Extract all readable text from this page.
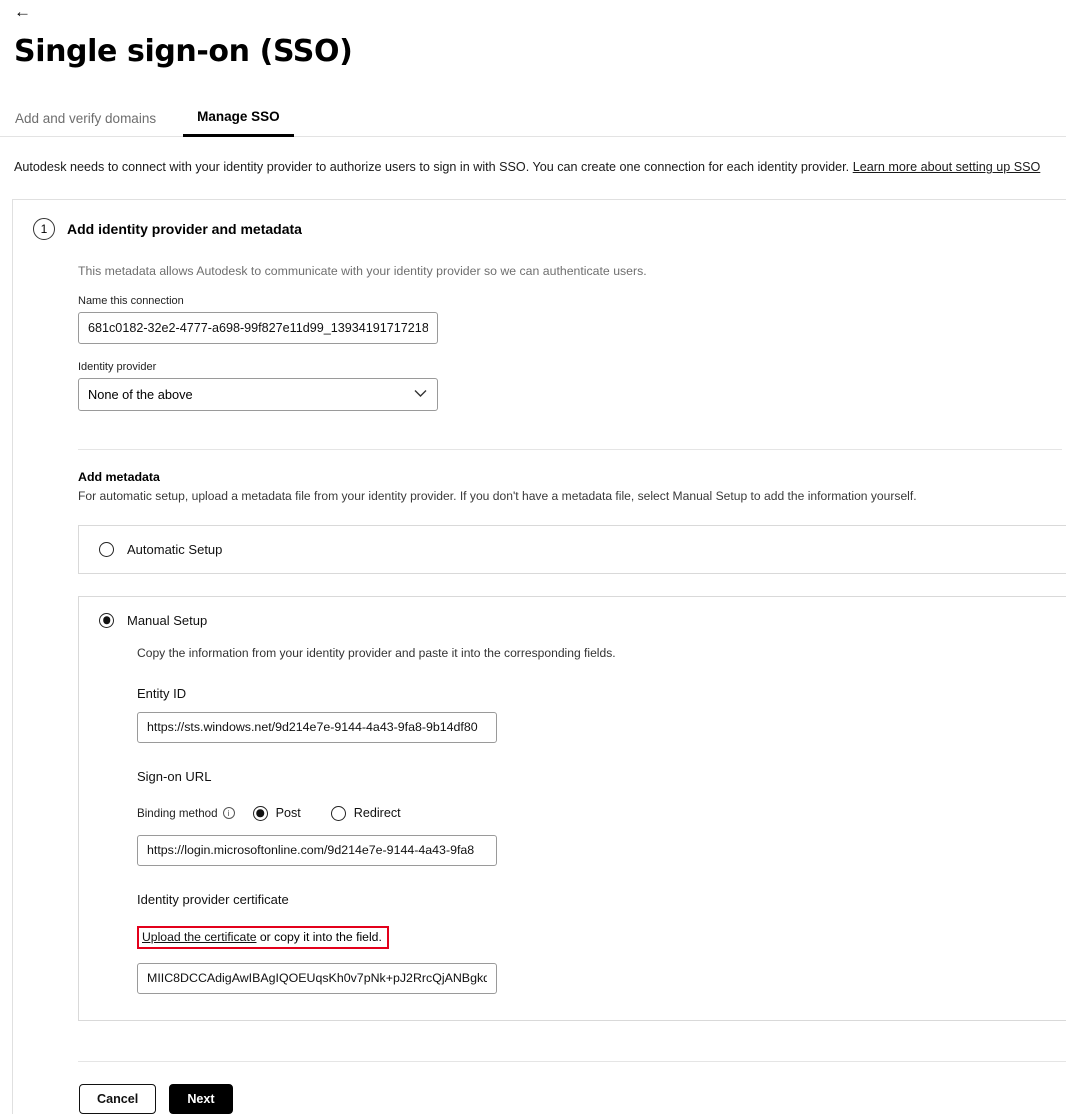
←
Single sign-on (SSO)
Add and verify domains	Manage SSO
Autodesk needs to connect with your identity provider to authorize users to sign in with SSO. You can create one connection for each identity provider. Learn more about setting up SSO
1	Add identity provider and metadata
This metadata allows Autodesk to communicate with your identity provider so we can authenticate users.
Name this connection
681c0182-32e2-4777-a698-99f827e11d99_13934191717218517
Identity provider
None of the above
Add metadata
For automatic setup, upload a metadata file from your identity provider. If you don't have a metadata file, select Manual Setup to add the information yourself.
Automatic Setup
Manual Setup
Copy the information from your identity provider and paste it into the corresponding fields.
Entity ID
https://sts.windows.net/9d214e7e-9144-4a43-9fa8-9b14df80
Sign-on URL
Binding method	i	Post	Redirect
https://login.microsoftonline.com/9d214e7e-9144-4a43-9fa8
Identity provider certificate
Upload the certificate or copy it into the field.
MIIC8DCCAdigAwIBAgIQOEUqsKh0v7pNk+pJ2RrcQjANBgkqh
Cancel	Next
